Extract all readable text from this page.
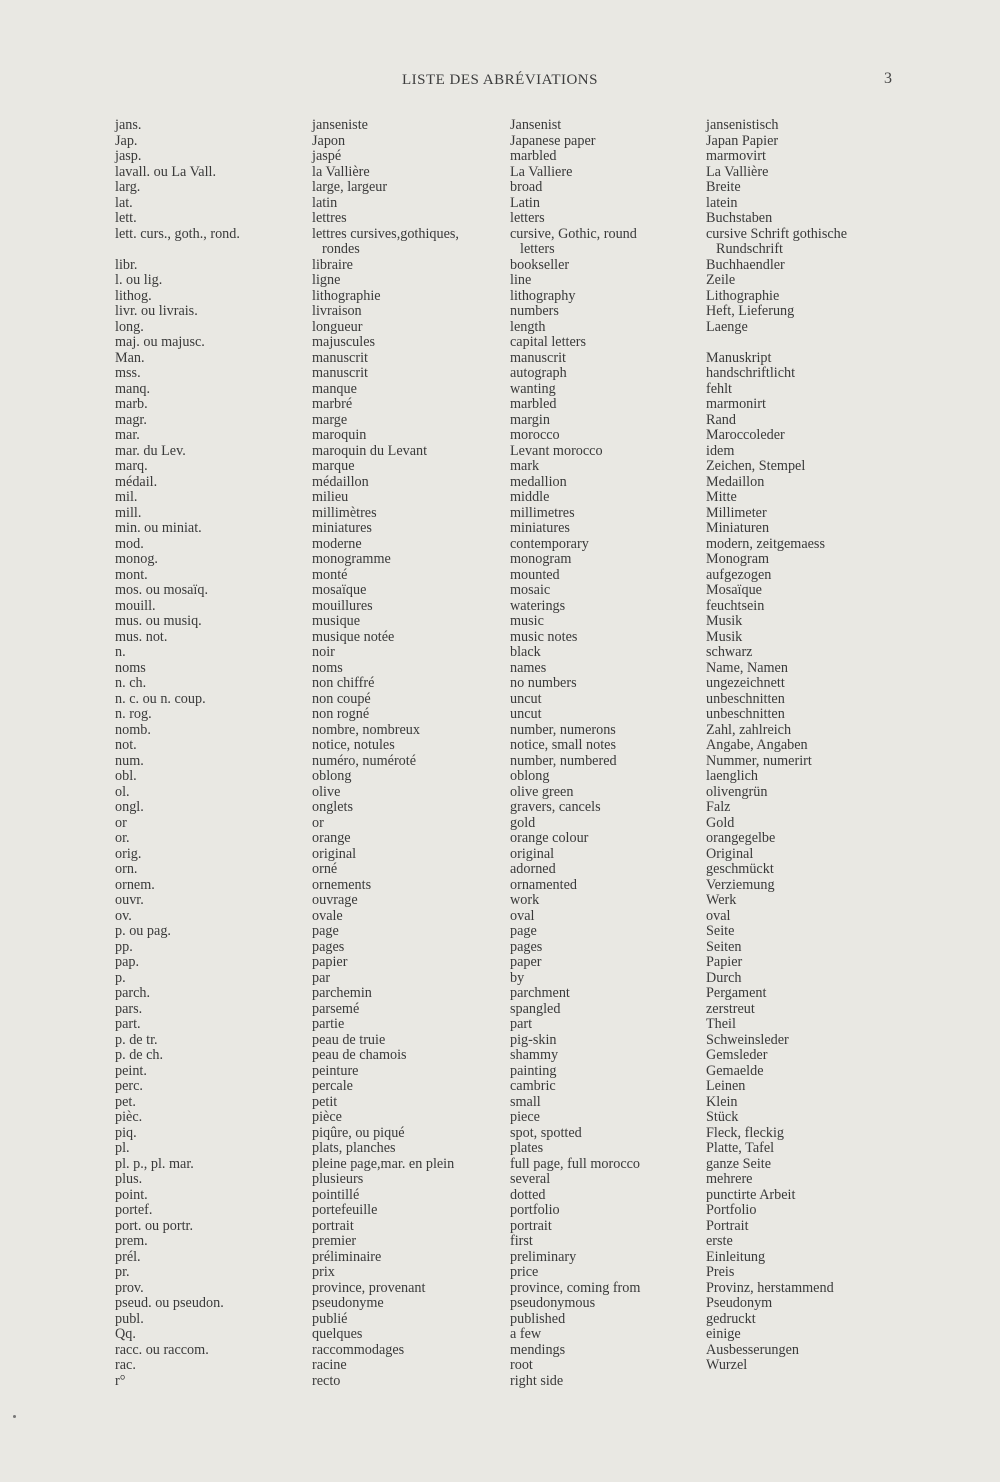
LISTE DES ABRÉVIATIONS	3
jans.
Jap.
jasp.
lavall. ou La Vall.
larg.
lat.
lett.
lett. curs., goth., rond.
libr.
l. ou lig.
lithog.
livr. ou livrais.
long.
maj. ou majusc.
Man.
mss.
manq.
marb.
magr.
mar.
mar. du Lev.
marq.
médail.
mil.
mill.
min. ou miniat.
mod.
monog.
mont.
mos. ou mosaïq.
mouill.
mus. ou musiq.
mus. not.
n.
noms
n. ch.
n. c. ou n. coup.
n. rog.
nomb.
not.
num.
obl.
ol.
ongl.
or
or.
orig.
orn.
ornem.
ouvr.
ov.
p. ou pag.
pp.
pap.
p.
parch.
pars.
part.
p. de tr.
p. de ch.
peint.
perc.
pet.
pièc.
piq.
pl.
pl. p., pl. mar.
plus.
point.
portef.
port. ou portr.
prem.
prél.
pr.
prov.
pseud. ou pseudon.
publ.
Qq.
racc. ou raccom.
rac.
r°
janseniste
Japon
jaspé
la Vallière
large, largeur
latin
lettres
lettres cursives,gothiques,
rondes
libraire
ligne
lithographie
livraison
longueur
majuscules
manuscrit
manuscrit
manque
marbré
marge
maroquin
maroquin du Levant
marque
médaillon
milieu
millimètres
miniatures
moderne
monogramme
monté
mosaïque
mouillures
musique
musique notée
noir
noms
non chiffré
non coupé
non rogné
nombre, nombreux
notice, notules
numéro, numéroté
oblong
olive
onglets
or
orange
original
orné
ornements
ouvrage
ovale
page
pages
papier
par
parchemin
parsemé
partie
peau de truie
peau de chamois
peinture
percale
petit
pièce
piqûre, ou piqué
plats, planches
pleine page,mar. en plein
plusieurs
pointillé
portefeuille
portrait
premier
préliminaire
prix
province, provenant
pseudonyme
publié
quelques
raccommodages
racine
recto
Jansenist
Japanese paper
marbled
La Valliere
broad
Latin
letters
cursive, Gothic, round
letters
bookseller
line
lithography
numbers
length
capital letters
manuscrit
autograph
wanting
marbled
margin
morocco
Levant morocco
mark
medallion
middle
millimetres
miniatures
contemporary
monogram
mounted
mosaic
waterings
music
music notes
black
names
no numbers
uncut
uncut
number, numerons
notice, small notes
number, numbered
oblong
olive green
gravers, cancels
gold
orange colour
original
adorned
ornamented
work
oval
page
pages
paper
by
parchment
spangled
part
pig-skin
shammy
painting
cambric
small
piece
spot, spotted
plates
full page, full morocco
several
dotted
portfolio
portrait
first
preliminary
price
province, coming from
pseudonymous
published
a few
mendings
root
right side
jansenistisch
Japan Papier
marmovirt
La Vallière
Breite
latein
Buchstaben
cursive Schrift gothische
Rundschrift
Buchhaendler
Zeile
Lithographie
Heft, Lieferung
Laenge
Manuskript
handschriftlicht
fehlt
marmonirt
Rand
Maroccoleder
idem
Zeichen, Stempel
Medaillon
Mitte
Millimeter
Miniaturen
modern, zeitgemaess
Monogram
aufgezogen
Mosaïque
feuchtsein
Musik
Musik
schwarz
Name, Namen
ungezeichnett
unbeschnitten
unbeschnitten
Zahl, zahlreich
Angabe, Angaben
Nummer, numerirt
laenglich
olivengrün
Falz
Gold
orangegelbe
Original
geschmückt
Verziemung
Werk
oval
Seite
Seiten
Papier
Durch
Pergament
zerstreut
Theil
Schweinsleder
Gemsleder
Gemaelde
Leinen
Klein
Stück
Fleck, fleckig
Platte, Tafel
ganze Seite
mehrere
punctirte Arbeit
Portfolio
Portrait
erste
Einleitung
Preis
Provinz, herstammend
Pseudonym
gedruckt
einige
Ausbesserungen
Wurzel
